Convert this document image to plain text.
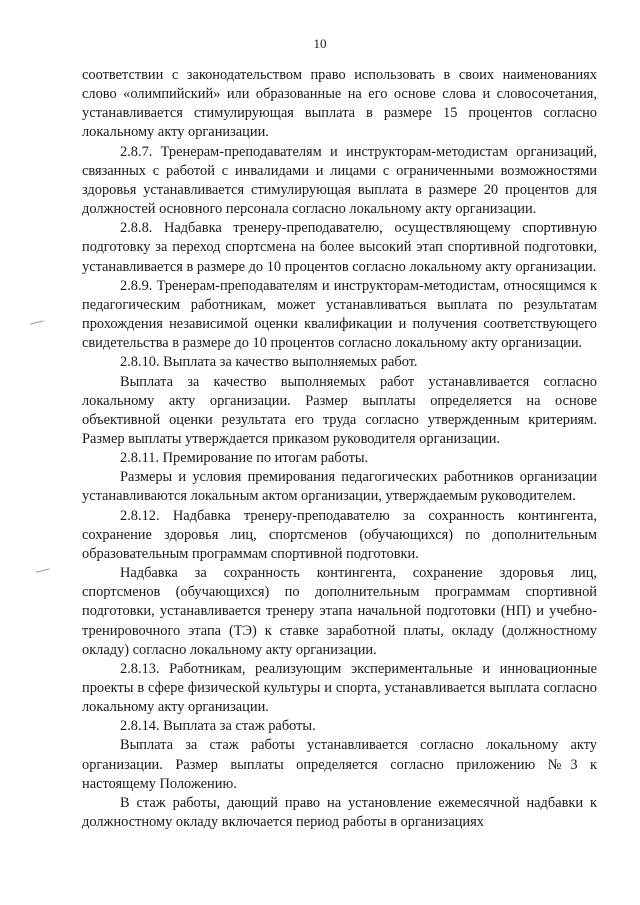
10

соответствии с законодательством право использовать в своих наименованиях слово «олимпийский» или образованные на его основе слова и словосочетания, устанавливается стимулирующая выплата в размере 15 процентов согласно локальному акту организации.

2.8.7. Тренерам-преподавателям и инструкторам-методистам организаций, связанных с работой с инвалидами и лицами с ограниченными возможностями здоровья устанавливается стимулирующая выплата в размере 20 процентов для должностей основного персонала согласно локальному акту организации.

2.8.8. Надбавка тренеру-преподавателю, осуществляющему спортивную подготовку за переход спортсмена на более высокий этап спортивной подготовки, устанавливается в размере до 10 процентов согласно локальному акту организации.

2.8.9. Тренерам-преподавателям и инструкторам-методистам, относящимся к педагогическим работникам, может устанавливаться выплата по результатам прохождения независимой оценки квалификации и получения соответствующего свидетельства в размере до 10 процентов согласно локальному акту организации.

2.8.10. Выплата за качество выполняемых работ.

Выплата за качество выполняемых работ устанавливается согласно локальному акту организации. Размер выплаты определяется на основе объективной оценки результата его труда согласно утвержденным критериям. Размер выплаты утверждается приказом руководителя организации.

2.8.11. Премирование по итогам работы.

Размеры и условия премирования педагогических работников организации устанавливаются локальным актом организации, утверждаемым руководителем.

2.8.12. Надбавка тренеру-преподавателю за сохранность контингента, сохранение здоровья лиц, спортсменов (обучающихся) по дополнительным образовательным программам спортивной подготовки.

Надбавка за сохранность контингента, сохранение здоровья лиц, спортсменов (обучающихся) по дополнительным программам спортивной подготовки, устанавливается тренеру этапа начальной подготовки (НП) и учебно-тренировочного этапа (ТЭ) к ставке заработной платы, окладу (должностному окладу) согласно локальному акту организации.

2.8.13. Работникам, реализующим экспериментальные и инновационные проекты в сфере физической культуры и спорта, устанавливается выплата согласно локальному акту организации.

2.8.14. Выплата за стаж работы.

Выплата за стаж работы устанавливается согласно локальному акту организации. Размер выплаты определяется согласно приложению №3 к настоящему Положению.

В стаж работы, дающий право на установление ежемесячной надбавки к должностному окладу включается период работы в организациях
